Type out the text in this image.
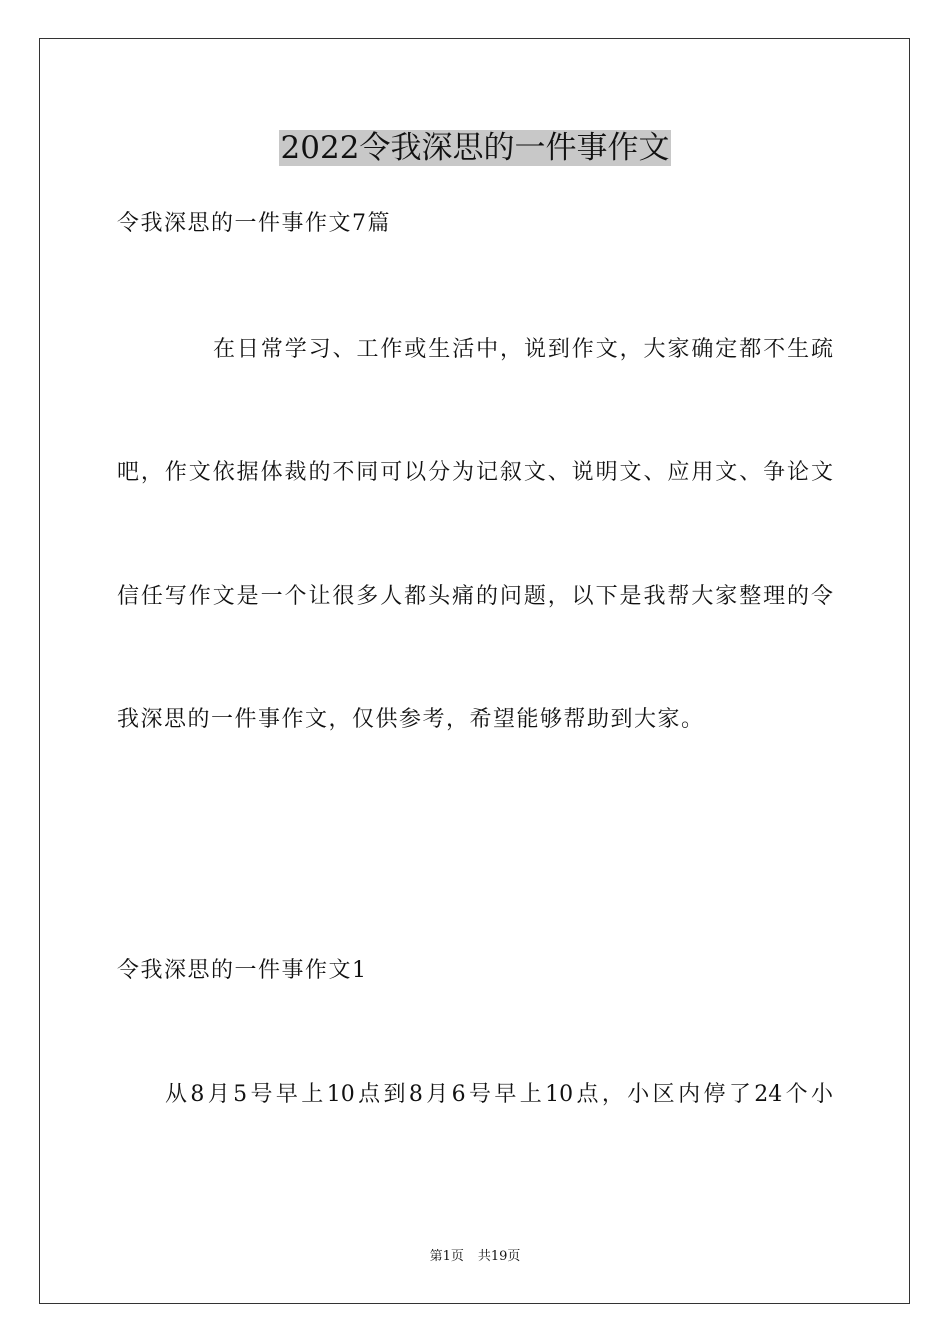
2022令我深思的一件事作文
令我深思的一件事作文7篇
在日常学习、工作或生活中，说到作文，大家确定都不生疏
吧，作文依据体裁的不同可以分为记叙文、说明文、应用文、争论文
信任写作文是一个让很多人都头痛的问题，以下是我帮大家整理的令
我深思的一件事作文，仅供参考，希望能够帮助到大家。
令我深思的一件事作文1
从8月5号早上10点到8月6号早上10点，小区内停了24个小
第1页 共19页
